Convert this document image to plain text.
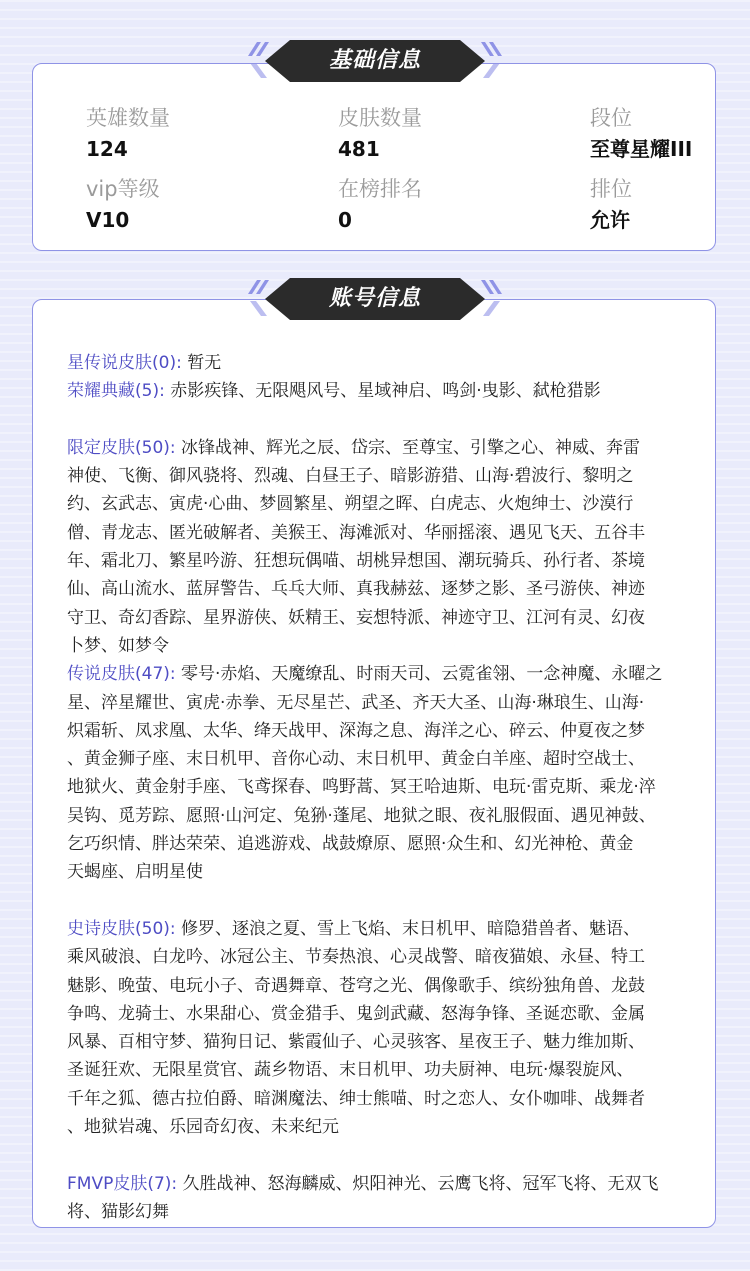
英雄数量
124
皮肤数量
481
段位
至尊星耀III
vip等级
V10
在榜排名
0
排位
允许
基础信息
账号信息
星传说皮肤(0): 暂无
荣耀典藏(5): 赤影疾锋、无限飓风号、星域神启、鸣剑·曳影、弑枪猎影
限定皮肤(50): 冰锋战神、辉光之辰、岱宗、至尊宝、引擎之心、神威、奔雷
神使、飞衡、御风骁将、烈魂、白昼王子、暗影游猎、山海·碧波行、黎明之
约、玄武志、寅虎·心曲、梦圆繁星、朔望之晖、白虎志、火炮绅士、沙漠行
僧、青龙志、匿光破解者、美猴王、海滩派对、华丽摇滚、遇见飞天、五谷丰
年、霜北刀、繁星吟游、狂想玩偶喵、胡桃异想国、潮玩骑兵、孙行者、茶境
仙、高山流水、蓝屏警告、乓乓大师、真我赫兹、逐梦之影、圣弓游侠、神迹
守卫、奇幻香踪、星界游侠、妖精王、妄想特派、神迹守卫、江河有灵、幻夜
卜梦、如梦令
传说皮肤(47): 零号·赤焰、天魔缭乱、时雨天司、云霓雀翎、一念神魔、永曜之
星、淬星耀世、寅虎·赤拳、无尽星芒、武圣、齐天大圣、山海·琳琅生、山海·
炽霜斩、凤求凰、太华、绛天战甲、深海之息、海洋之心、碎云、仲夏夜之梦
、黄金狮子座、末日机甲、音你心动、末日机甲、黄金白羊座、超时空战士、
地狱火、黄金射手座、飞鸢探春、鸣野蒿、冥王哈迪斯、电玩·雷克斯、乘龙·淬
吴钩、觅芳踪、愿照·山河定、兔狲·蓬尾、地狱之眼、夜礼服假面、遇见神鼓、
乞巧织情、胖达荣荣、追逃游戏、战鼓燎原、愿照·众生和、幻光神枪、黄金
天蝎座、启明星使
史诗皮肤(50): 修罗、逐浪之夏、雪上飞焰、末日机甲、暗隐猎兽者、魅语、
乘风破浪、白龙吟、冰冠公主、节奏热浪、心灵战警、暗夜猫娘、永昼、特工
魅影、晚萤、电玩小子、奇遇舞章、苍穹之光、偶像歌手、缤纷独角兽、龙鼓
争鸣、龙骑士、水果甜心、赏金猎手、鬼剑武藏、怒海争锋、圣诞恋歌、金属
风暴、百相守梦、猫狗日记、紫霞仙子、心灵骇客、星夜王子、魅力维加斯、
圣诞狂欢、无限星赏官、蔬乡物语、末日机甲、功夫厨神、电玩·爆裂旋风、
千年之狐、德古拉伯爵、暗渊魔法、绅士熊喵、时之恋人、女仆咖啡、战舞者
、地狱岩魂、乐园奇幻夜、未来纪元
FMVP皮肤(7): 久胜战神、怒海麟威、炽阳神光、云鹰飞将、冠军飞将、无双飞
将、猫影幻舞
